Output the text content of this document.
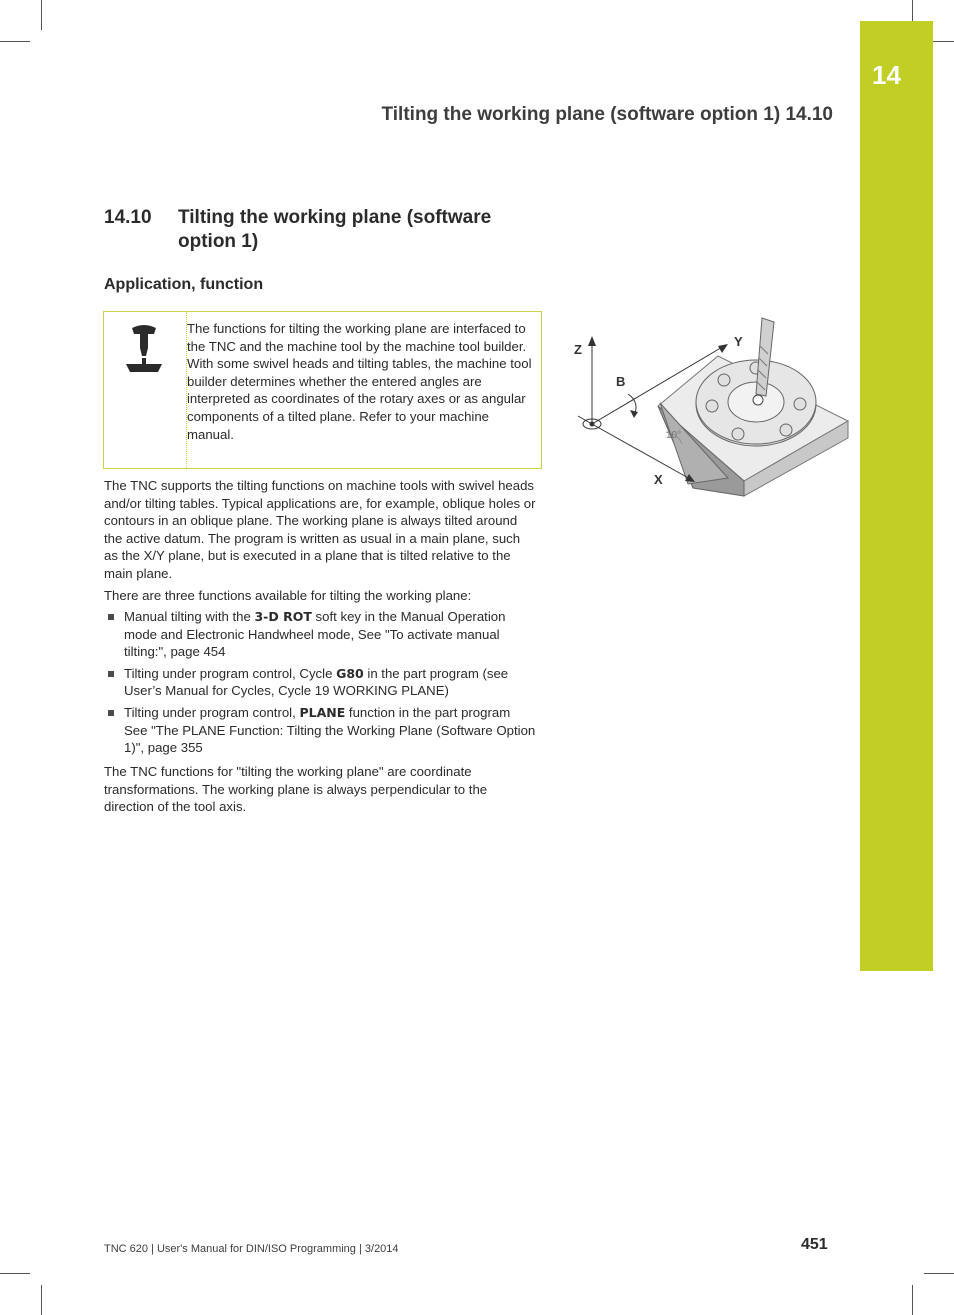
14
Tilting the working plane (software option 1) 14.10
14.10 Tilting the working plane (software option 1)
Application, function
The functions for tilting the working plane are interfaced to the TNC and the machine tool by the machine tool builder. With some swivel heads and tilting tables, the machine tool builder determines whether the entered angles are interpreted as coordinates of the rotary axes or as angular components of a tilted plane. Refer to your machine manual.
The TNC supports the tilting functions on machine tools with swivel heads and/or tilting tables. Typical applications are, for example, oblique holes or contours in an oblique plane. The working plane is always tilted around the active datum. The program is written as usual in a main plane, such as the X/Y plane, but is executed in a plane that is tilted relative to the main plane.
There are three functions available for tilting the working plane:
Manual tilting with the 3-D ROT soft key in the Manual Operation mode and Electronic Handwheel mode, See "To activate manual tilting:", page 454
Tilting under program control, Cycle G80 in the part program (see User’s Manual for Cycles, Cycle 19 WORKING PLANE)
Tilting under program control, PLANE function in the part program See "The PLANE Function: Tilting the Working Plane (Software Option 1)", page 355
The TNC functions for "tilting the working plane" are coordinate transformations. The working plane is always perpendicular to the direction of the tool axis.
10°
Z
Y
B
X
TNC 620 | User's Manual for DIN/ISO Programming | 3/2014	451
